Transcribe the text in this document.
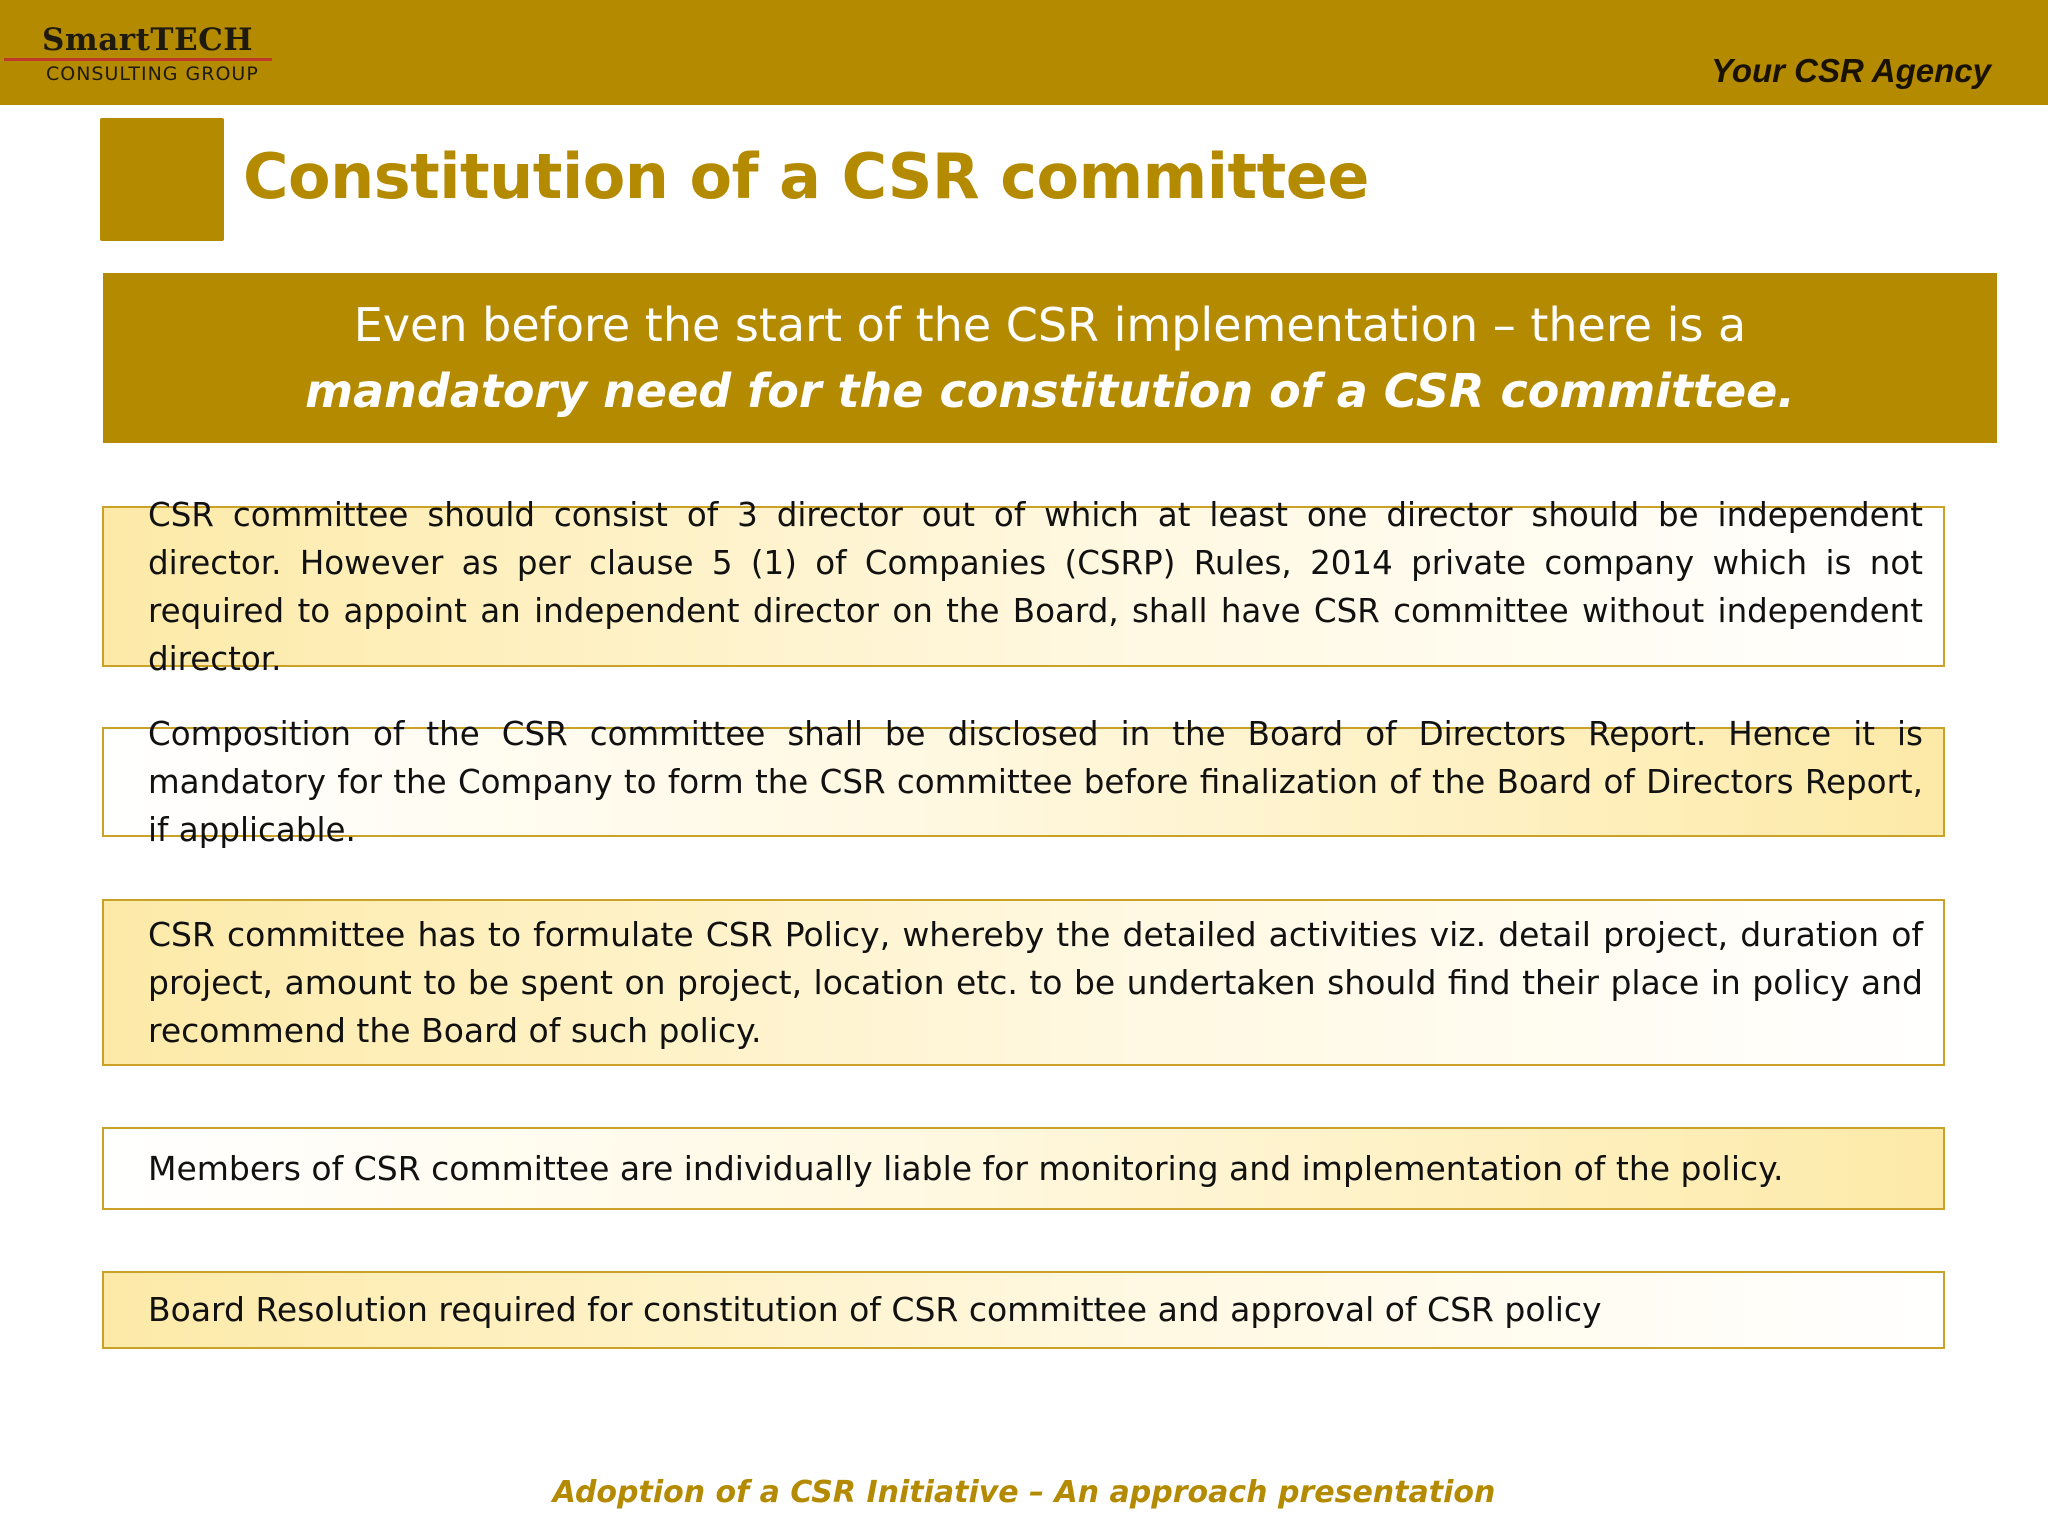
SmartTECH
CONSULTING GROUP	Your CSR Agency
Constitution of a CSR committee
Even before the start of the CSR implementation – there is a
mandatory need for the constitution of a CSR committee.
CSR committee should consist of 3 director out of which at least one director should be independent director. However as per clause 5 (1) of Companies (CSRP) Rules, 2014 private company which is not required to appoint an independent director on the Board, shall have CSR committee without independent director.
Composition of the CSR committee shall be disclosed in the Board of Directors Report. Hence it is mandatory for the Company to form the CSR committee before finalization of the Board of Directors Report, if applicable.
CSR committee has to formulate CSR Policy, whereby the detailed activities viz. detail project, duration of project, amount to be spent on project, location etc. to be undertaken should find their place in policy and recommend the Board of such policy.
Members of CSR committee are individually liable for monitoring and implementation of the policy.
Board Resolution required for constitution of CSR committee and approval of CSR policy
Adoption of a CSR Initiative – An approach presentation
